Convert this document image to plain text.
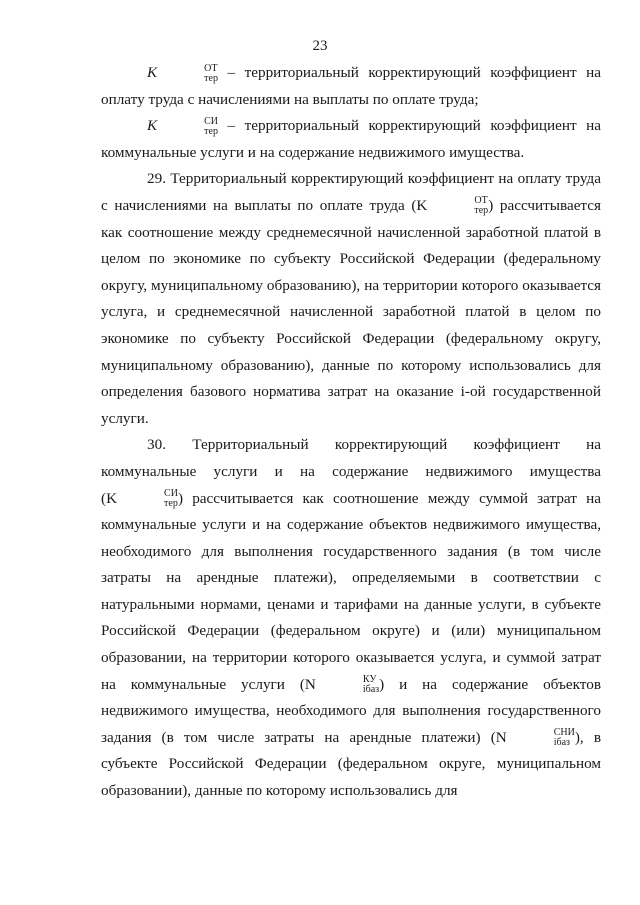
23

K	ОТ
тер – территориальный корректирующий коэффициент на оплату труда с начислениями на выплаты по оплате труда;

K	СИ
тер – территориальный корректирующий коэффициент на коммунальные услуги и на содержание недвижимого имущества.

29. Территориальный корректирующий коэффициент на оплату труда с начислениями на выплаты по оплате труда (K	ОТ
тер ) рассчитывается как соотношение между среднемесячной начисленной заработной платой в целом по экономике по субъекту Российской Федерации (федеральному округу, муниципальному образованию), на территории которого оказывается услуга, и среднемесячной начисленной заработной платой в целом по экономике по субъекту Российской Федерации (федеральному округу, муниципальному образованию), данные по которому использовались для определения базового норматива затрат на оказание i-ой государственной услуги.

30. Территориальный корректирующий коэффициент на коммунальные услуги и на содержание недвижимого имущества (K	СИ
тер ) рассчитывается как соотношение между суммой затрат на коммунальные услуги и на содержание объектов недвижимого имущества, необходимого для выполнения государственного задания (в том числе затраты на арендные платежи), определяемыми в соответствии с натуральными нормами, ценами и тарифами на данные услуги, в субъекте Российской Федерации (федеральном округе) и (или) муниципальном образовании, на территории которого оказывается услуга, и суммой затрат на коммунальные услуги (N	КУ
iбаз ) и на содержание объектов недвижимого имущества, необходимого для выполнения государственного задания (в том числе затраты на арендные платежи) (N	СНИ
iбаз ), в субъекте Российской Федерации (федеральном округе, муниципальном образовании), данные по которому использовались для
